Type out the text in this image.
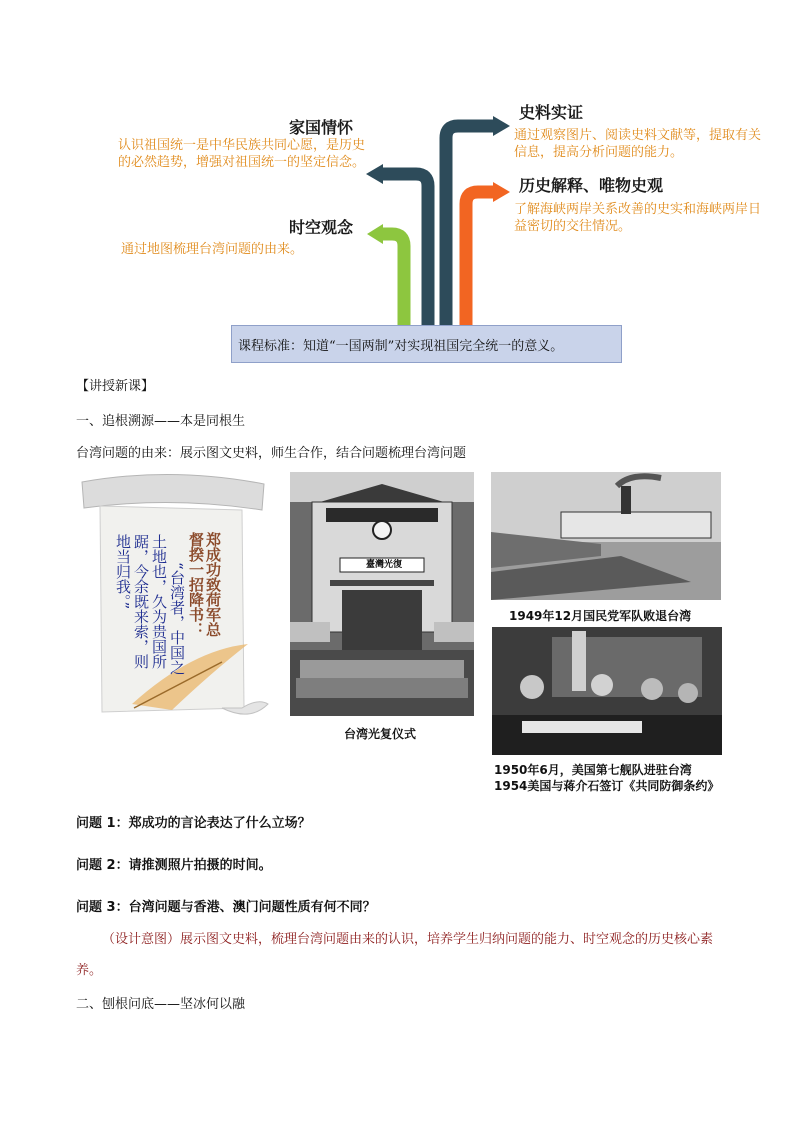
家国情怀
认识祖国统一是中华民族共同心愿，是历史的必然趋势，增强对祖国统一的坚定信念。
史料实证
通过观察图片、阅读史料文献等，提取有关信息，提高分析问题的能力。
历史解释、唯物史观
了解海峡两岸关系改善的史实和海峡两岸日益密切的交往情况。
时空观念
通过地图梳理台湾问题的由来。
课程标准：知道“一国两制”对实现祖国完全统一的意义。
【讲授新课】
一、追根溯源——本是同根生
台湾问题的由来：展示图文史料，师生合作，结合问题梳理台湾问题
郑成功致荷军总
督揆一招降书：
“台湾者，中国之
土地也，久为贵国所
踞，今余既来索，则
地当归我。”	臺灣光復
台湾光复仪式
1949年12月国民党军队败退台湾
1950年6月，美国第七舰队进驻台湾
1954美国与蒋介石签订《共同防御条约》
问题 1：郑成功的言论表达了什么立场？
问题 2：请推测照片拍摄的时间。
问题 3：台湾问题与香港、澳门问题性质有何不同？
（设计意图）展示图文史料，梳理台湾问题由来的认识，培养学生归纳问题的能力、时空观念的历史核心素养。
二、刨根问底——坚冰何以融
